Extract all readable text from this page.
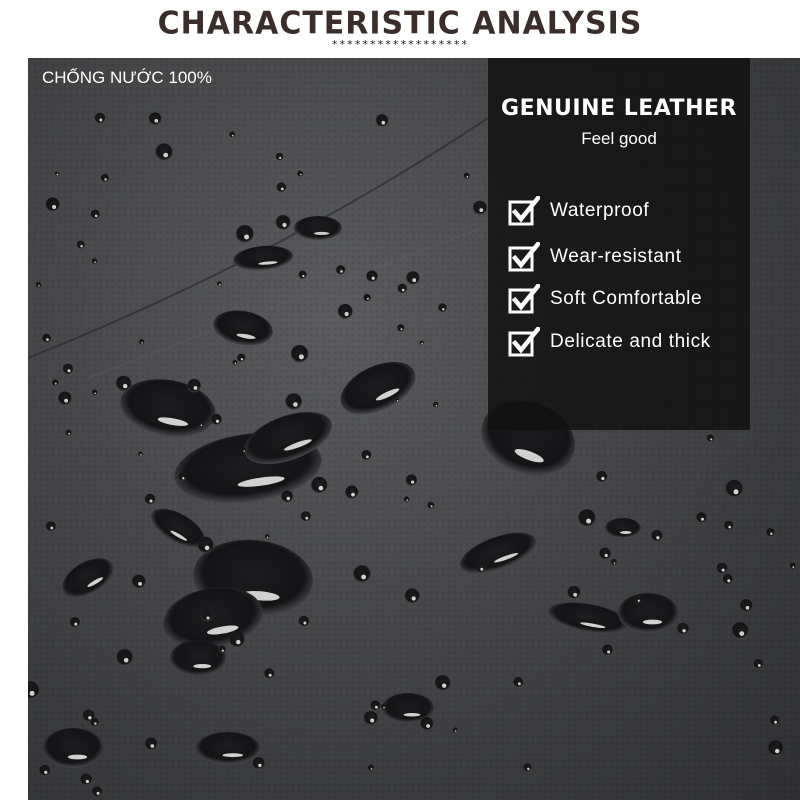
CHARACTERISTIC ANALYSIS
******************
CHỐNG NƯỚC 100%
GENUINE LEATHER
Feel good
Waterproof
Wear-resistant
Soft Comfortable
Delicate and thick
